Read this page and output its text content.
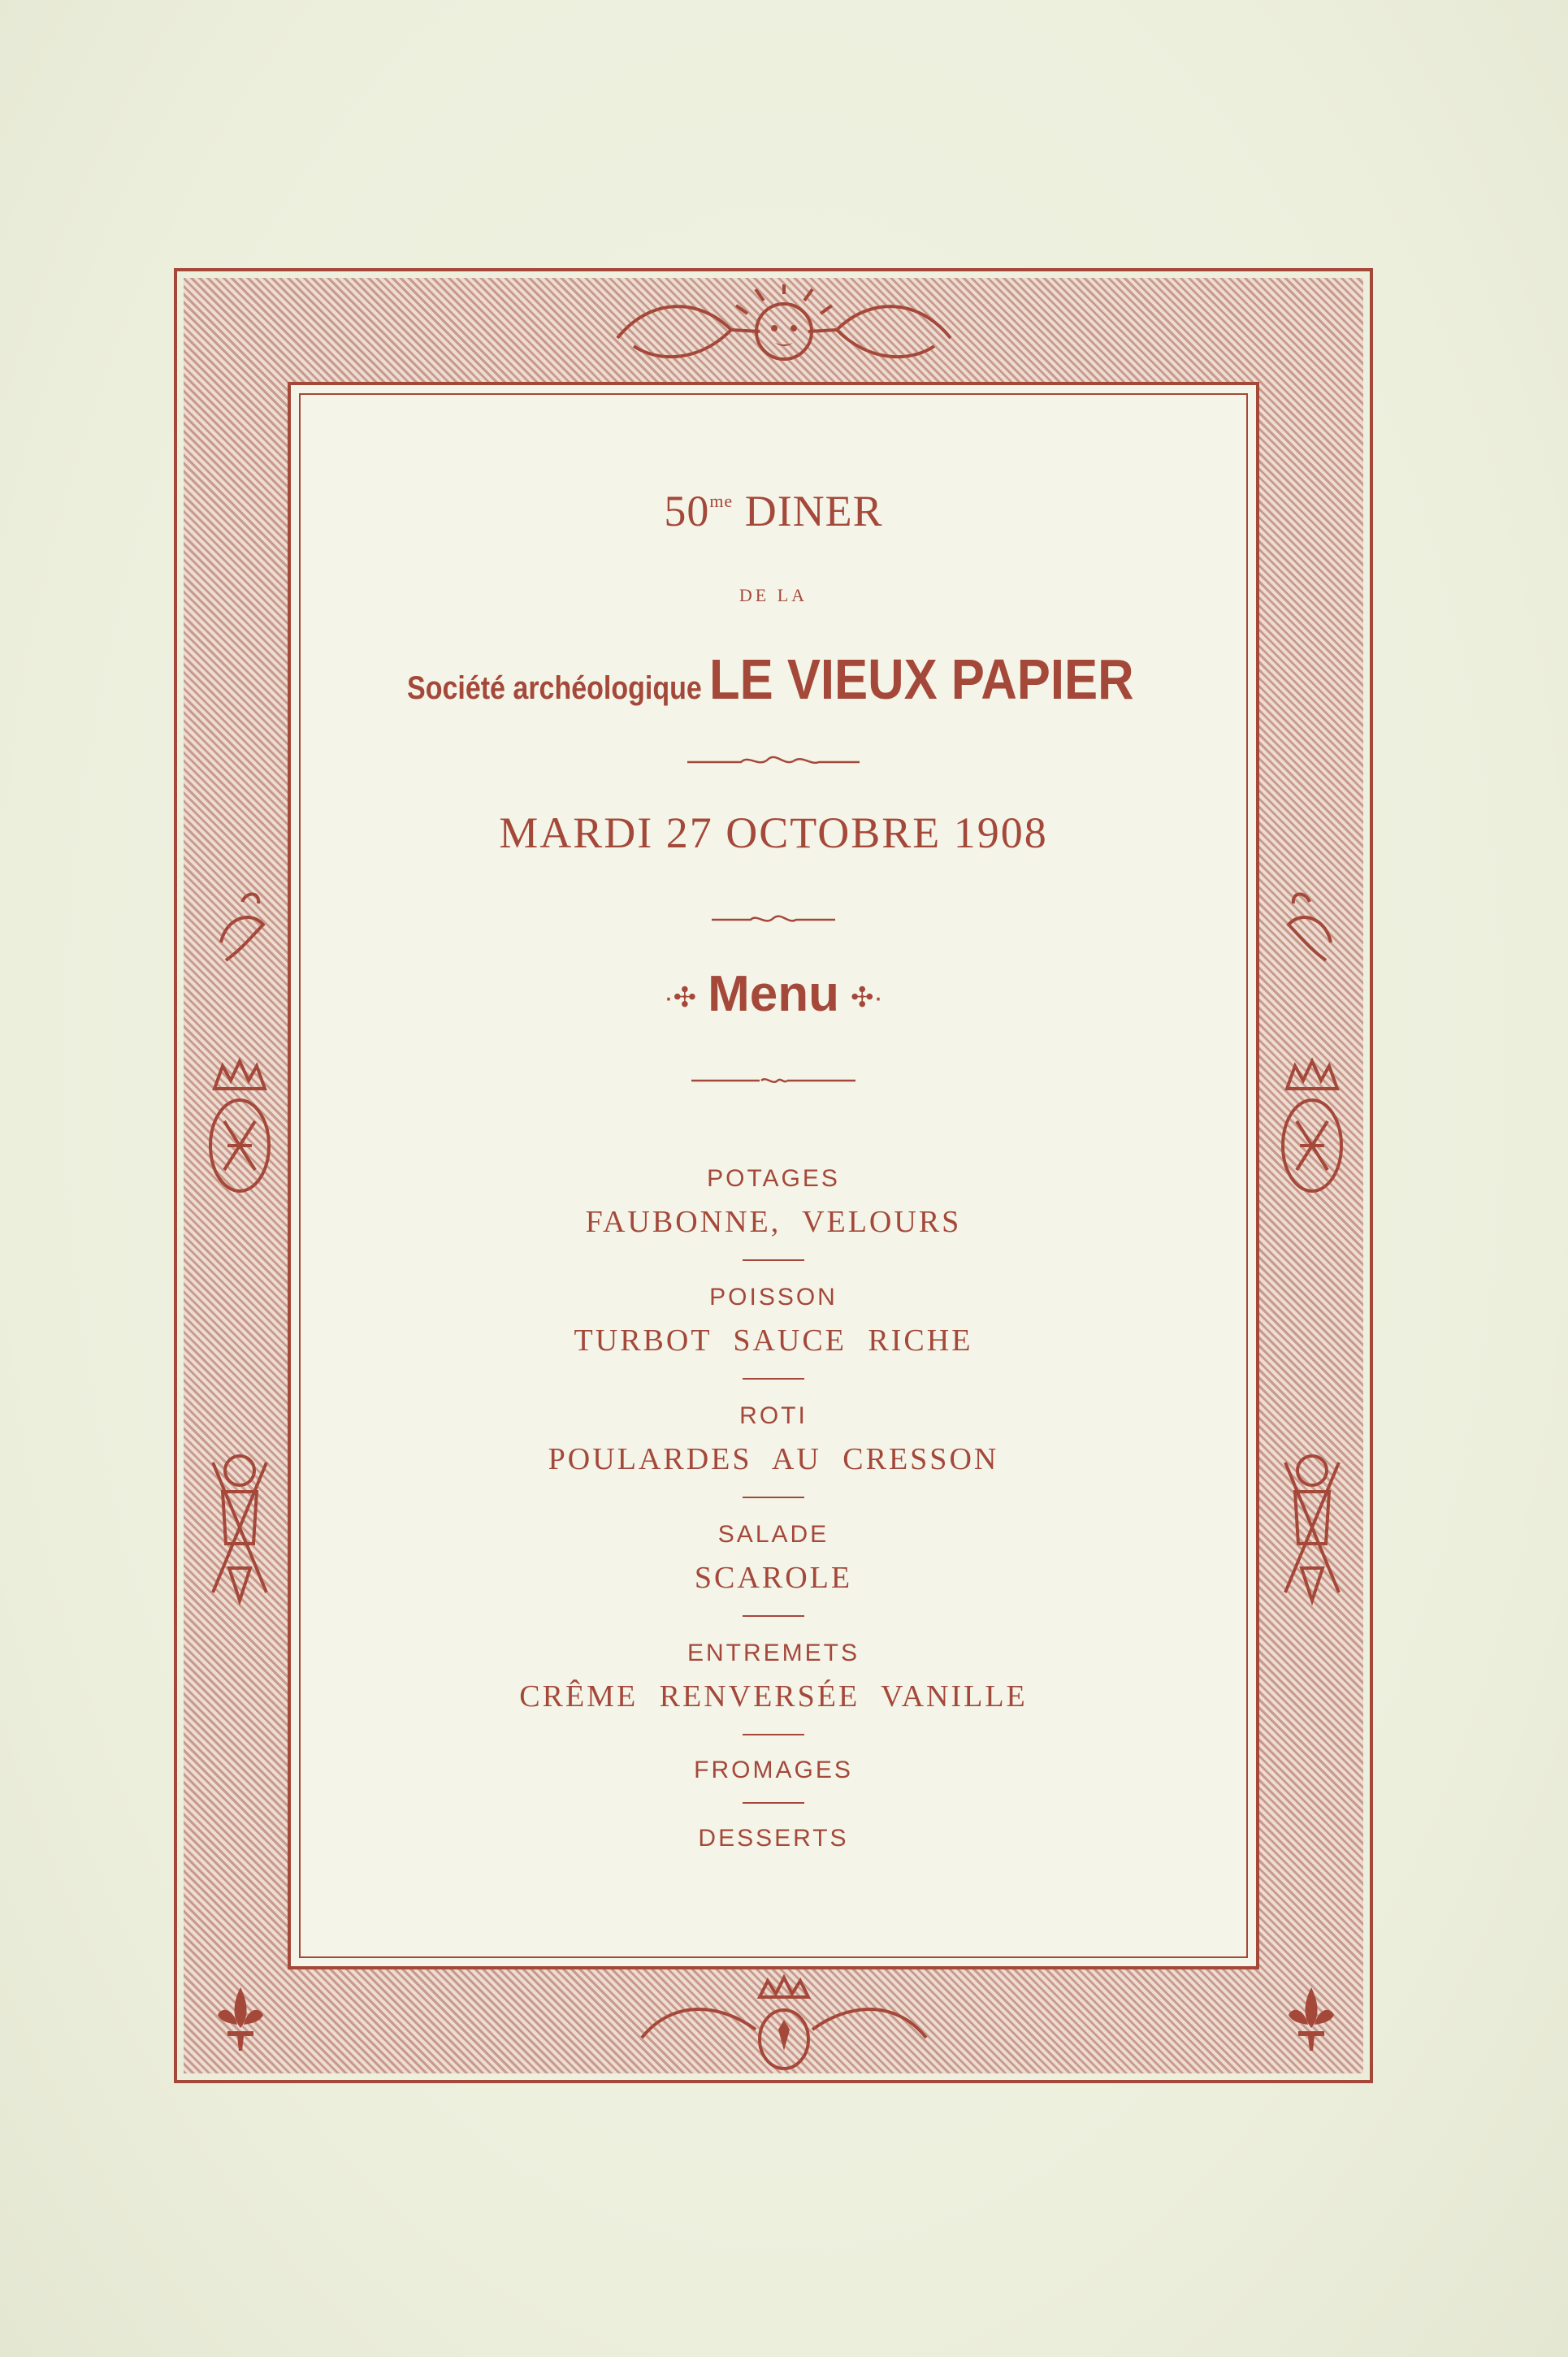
$50^{me}$ DINER
DE LA
Société archéologique LE VIEUX PAPIER
MARDI 27 OCTOBRE 1908
·✣ Menu ✣·
POTAGES
FAUBONNE, VELOURS
POISSON
TURBOT SAUCE RICHE
ROTI
POULARDES AU CRESSON
SALADE
SCAROLE
ENTREMETS
CRÊME RENVERSÉE VANILLE
FROMAGES
DESSERTS
